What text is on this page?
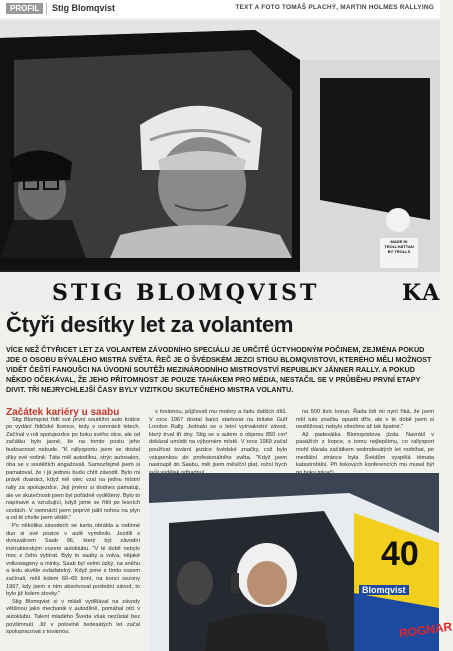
PROFIL	Stig Blomqvist	TEXT A FOTO TOMÁŠ PLACHÝ, MARTIN HOLMES RALLYING
STIG BLOMQVIST	KA
MADE IN
TROLLHÄTTAN
BY TROLLS
Čtyři desítky let za volantem
VÍCE NEŽ ČTYŘICET LET ZA VOLANTEM ZÁVODNÍHO SPECIÁLU JE URČITĚ ÚCTYHODNÝM POČINEM, ZEJMÉNA POKUD JDE O OSOBU BÝVALÉHO MISTRA SVĚTA. ŘEČ JE O ŠVÉDSKÉM JEZCI STIGU BLOMQVISTOVI, KTERÉHO MĚLI MOŽNOST VIDĚT ČEŠTÍ FANOUŠCI NA ÚVODNÍ SOUTĚŽI MEZINÁRODNÍHO MISTROVSTVÍ REPUBLIKY JÄNNER RALLY. A POKUD NĚKDO OČEKÁVAL, ŽE JEHO PŘÍTOMNOST JE POUZE TAHÁKEM PRO MÉDIA, NESTAČIL SE V PRŮBĚHU PRVNÍ ETAPY DIVIT. TŘI NEJRYCHLEJŠÍ ČASY BYLY VIZITKOU SKUTEČNÉHO MISTRA VOLANTU.

Začátek kariéry u saabu

Stig Blomqvist řídil své první soutěžní auto krátce po vydání řidičské licence, tedy v osmnácti letech. Začínal v roli spolujezdce po boku svého otce, ale od začátku bylo jasné, že na tomto postu jeho budoucnost nebude. "K rallysportu jsem se dostal díky své rodině. Táta měl autodílnu, strýc autosalon, oba se v soutěžích angažovali. Samozřejmě jsem si pamatoval, že i já jednou budu chtít závodit. Bylo mi právě dvanáct, když mě otec vzal na jednu místní rally za spolujezdce. Její jméno si dodnes pamatuji, ale ve skutečnosti jsem byl pořádně vyděšený. Bylo to napínavé a vzrušující, když jsme se řítili po lesních cestách. V osmnácti jsem poprvé pálil nohou na plyn a od té chvíle jsem věděl."

Po několika závodech se karta obrátila a rodinné duo si své pozice v autě vyměnilo. Jezdili s dvouválcem Saab 96, který byl závodní instruktorským vozem autoklubu. "V té době nebylo moc z čeho vybírat. Byly to saaby a volva, nějaké volkswageny a minky. Saab byl velmi úzký, na sněhu a ledu skvěle ovladatelný. Když jsme s tímto vozem začínali, měli kolem 60–65 koní, na konci sezony 1967, kdy jsem s ním absolvoval poslední závod, to bylo již kolem stovky."

Stig Blomqvist si v mládí vydělával na závody většinou jako mechanik v autodílně, pomáhal otci v autoklubu. Talent mladého Šveda však nezůstal bez povšimnutí. Již v polovině šedesátých let začal spolupracovat s továrnou.

s továrnou, půjčovali mu motory a řadu dalších dílů. V roce 1967 dostal šanci startovat na britské Gulf London Rally. Jednalo se o letní vytrvalostní závod, který trval tři dny. Stig se s autem o objemu 850 cm³ dokázal umístit na výborném místě. V roce 1969 začal používat tovární jezdce švédské značky, což bylo vstupenkou do profesionálního světa. "Když jsem nastoupil do Saabu, měl jsem měsíční plat, roční bych

na 500 tisíc korun. Řada lidí mi nyní říká, že jsem měl tuto značku opustit dřív, ale v té době jsem si nestěžoval, nebylo všechno až tak špatné."

Až padesátka Blomqvistova jízda. Navrátil v pasážích z kopce, s tomu nejlepšímu, co rallysport mohl dávala začátkem sedmdesátých let rozbíhat, po mediální stránce byla Švédům vyspělá témata katastrofální. Při tiskových konferencích mu musel být

40
Blomqvist
ROGNAR
